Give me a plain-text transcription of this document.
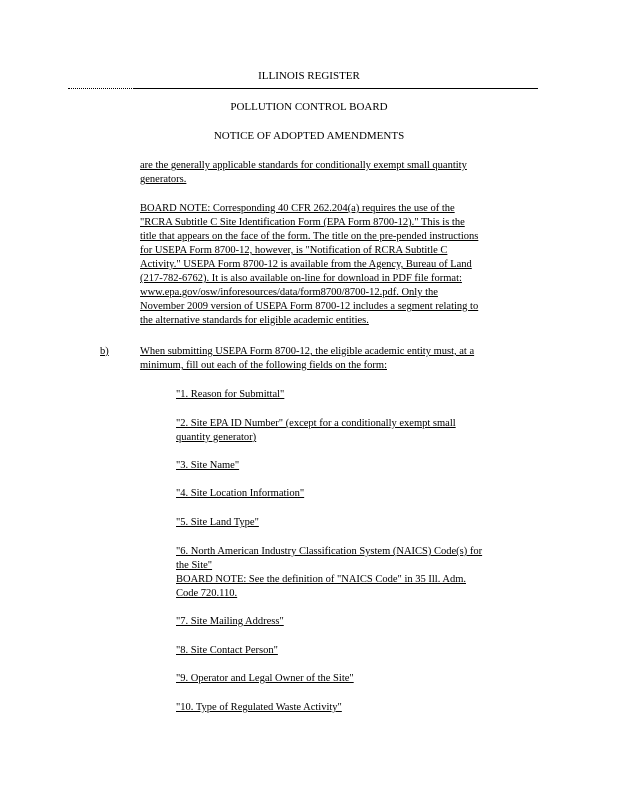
ILLINOIS REGISTER
POLLUTION CONTROL BOARD
NOTICE OF ADOPTED AMENDMENTS
are the generally applicable standards for conditionally exempt small quantity
generators.
BOARD NOTE: Corresponding 40 CFR 262.204(a) requires the use of the
"RCRA Subtitle C Site Identification Form (EPA Form 8700-12)." This is the
title that appears on the face of the form. The title on the pre-pended instructions
for USEPA Form 8700-12, however, is "Notification of RCRA Subtitle C
Activity." USEPA Form 8700-12 is available from the Agency, Bureau of Land
(217-782-6762). It is also available on-line for download in PDF file format:
www.epa.gov/osw/inforesources/data/form8700/8700-12.pdf. Only the
November 2009 version of USEPA Form 8700-12 includes a segment relating to
the alternative standards for eligible academic entities.
b)	When submitting USEPA Form 8700-12, the eligible academic entity must, at a
minimum, fill out each of the following fields on the form:
"1. Reason for Submittal"
"2. Site EPA ID Number" (except for a conditionally exempt small
quantity generator)
"3. Site Name"
"4. Site Location Information"
"5. Site Land Type"
"6. North American Industry Classification System (NAICS) Code(s) for
the Site"
BOARD NOTE: See the definition of "NAICS Code" in 35 Ill. Adm.
Code 720.110.
"7. Site Mailing Address"
"8. Site Contact Person"
"9. Operator and Legal Owner of the Site"
"10. Type of Regulated Waste Activity"
